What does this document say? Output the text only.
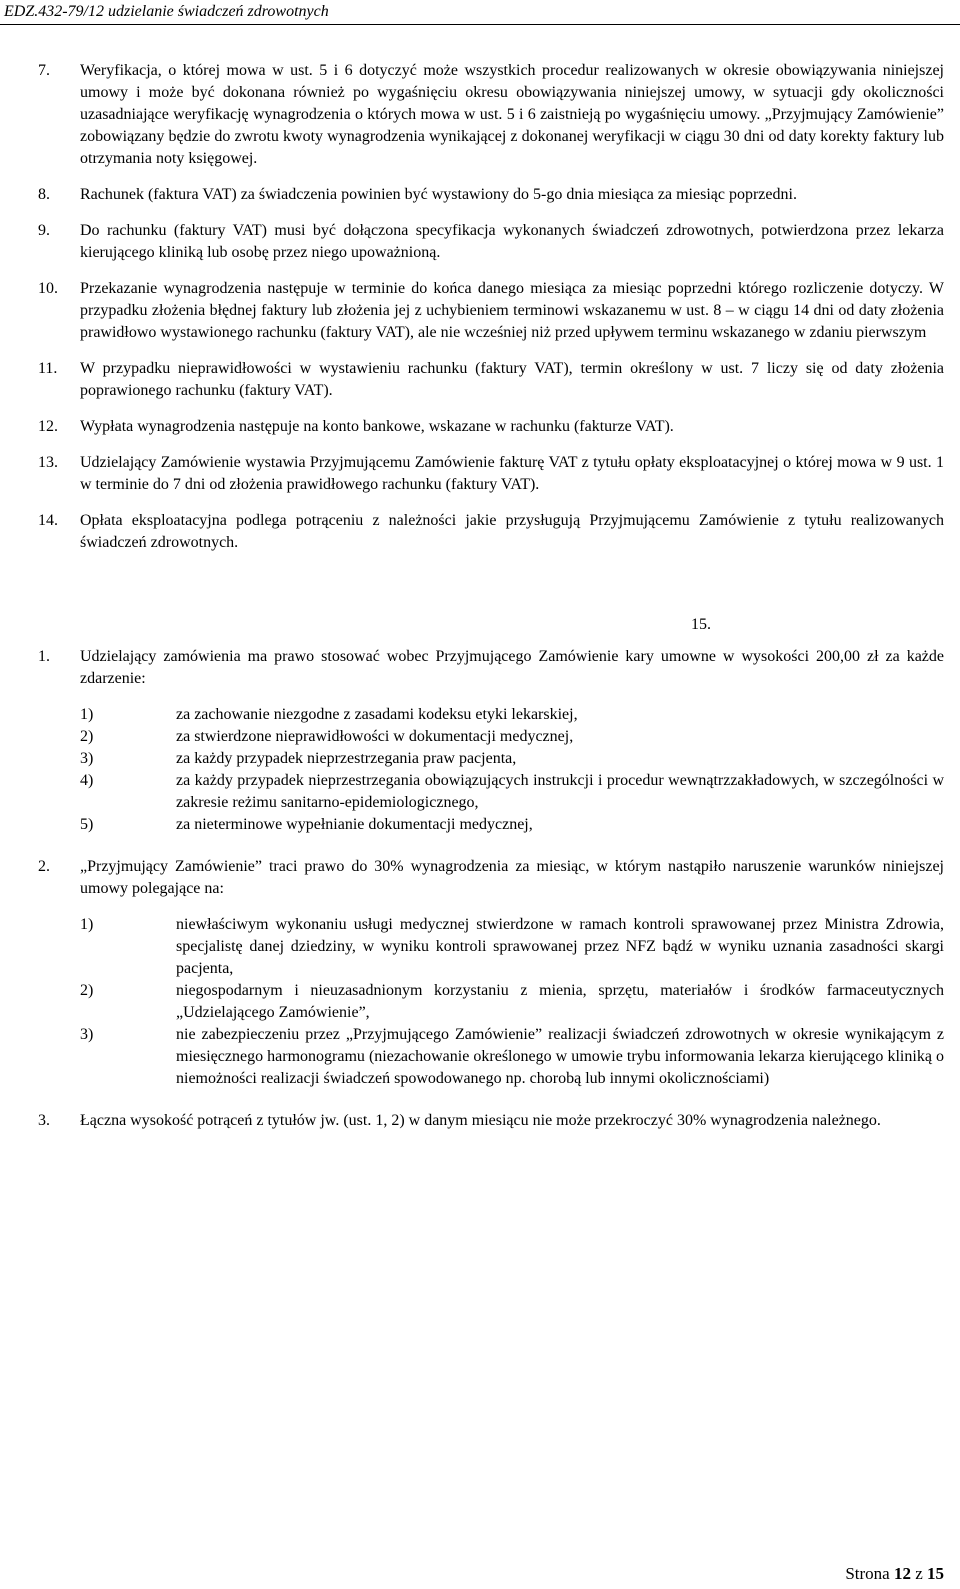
EDZ.432-79/12 udzielanie świadczeń zdrowotnych
7. Weryfikacja, o której mowa w ust. 5 i 6 dotyczyć może wszystkich procedur realizowanych w okresie obowiązywania niniejszej umowy i może być dokonana również po wygaśnięciu okresu obowiązywania niniejszej umowy, w sytuacji gdy okoliczności uzasadniające weryfikację wynagrodzenia o których mowa w ust. 5 i 6 zaistnieją po wygaśnięciu umowy. „Przyjmujący Zamówienie” zobowiązany będzie do zwrotu kwoty wynagrodzenia wynikającej z dokonanej weryfikacji w ciągu 30 dni od daty korekty faktury lub otrzymania noty księgowej.
8. Rachunek (faktura VAT) za świadczenia powinien być wystawiony do 5-go dnia miesiąca za miesiąc poprzedni.
9. Do rachunku (faktury VAT) musi być dołączona specyfikacja wykonanych świadczeń zdrowotnych, potwierdzona przez lekarza kierującego kliniką lub osobę przez niego upoważnioną.
10. Przekazanie wynagrodzenia następuje w terminie do końca danego miesiąca za miesiąc poprzedni którego rozliczenie dotyczy. W przypadku złożenia błędnej faktury lub złożenia jej z uchybieniem terminowi wskazanemu w ust. 8 – w ciągu 14 dni od daty złożenia prawidłowo wystawionego rachunku (faktury VAT), ale nie wcześniej niż przed upływem terminu wskazanego w zdaniu pierwszym
11. W przypadku nieprawidłowości w wystawieniu rachunku (faktury VAT), termin określony w ust. 7 liczy się od daty złożenia poprawionego rachunku (faktury VAT).
12. Wypłata wynagrodzenia następuje na konto bankowe, wskazane w rachunku (fakturze VAT).
13. Udzielający Zamówienie wystawia Przyjmującemu Zamówienie fakturę VAT z tytułu opłaty eksploatacyjnej o której mowa w 9 ust. 1 w terminie do 7 dni od złożenia prawidłowego rachunku (faktury VAT).
14. Opłata eksploatacyjna podlega potrąceniu z należności jakie przysługują Przyjmującemu Zamówienie z tytułu realizowanych świadczeń zdrowotnych.

15.

1. Udzielający zamówienia ma prawo stosować wobec Przyjmującego Zamówienie kary umowne w wysokości 200,00 zł za każde zdarzenie:
1)	za zachowanie niezgodne z zasadami kodeksu etyki lekarskiej,
2)	za stwierdzone nieprawidłowości w dokumentacji medycznej,
3)	za każdy przypadek nieprzestrzegania praw pacjenta,
4)	za każdy przypadek nieprzestrzegania obowiązujących instrukcji i procedur wewnątrzzakładowych, w szczególności w zakresie reżimu sanitarno-epidemiologicznego,
5)	za nieterminowe wypełnianie dokumentacji medycznej,
2. „Przyjmujący Zamówienie” traci prawo do 30% wynagrodzenia za miesiąc, w którym nastąpiło naruszenie warunków niniejszej umowy polegające na:
1)	niewłaściwym wykonaniu usługi medycznej stwierdzone w ramach kontroli sprawowanej przez Ministra Zdrowia, specjalistę danej dziedziny, w wyniku kontroli sprawowanej przez NFZ bądź w wyniku uznania zasadności skargi pacjenta,
2)	niegospodarnym i nieuzasadnionym korzystaniu z mienia, sprzętu, materiałów i środków farmaceutycznych „Udzielającego Zamówienie”,
3)	nie zabezpieczeniu przez „Przyjmującego Zamówienie” realizacji świadczeń zdrowotnych w okresie wynikającym z miesięcznego harmonogramu (niezachowanie określonego w umowie trybu informowania lekarza kierującego kliniką o niemożności realizacji świadczeń spowodowanego np. chorobą lub innymi okolicznościami)
3. Łączna wysokość potrąceń z tytułów jw. (ust. 1, 2) w danym miesiącu nie może przekroczyć 30% wynagrodzenia należnego.
Strona 12 z 15
